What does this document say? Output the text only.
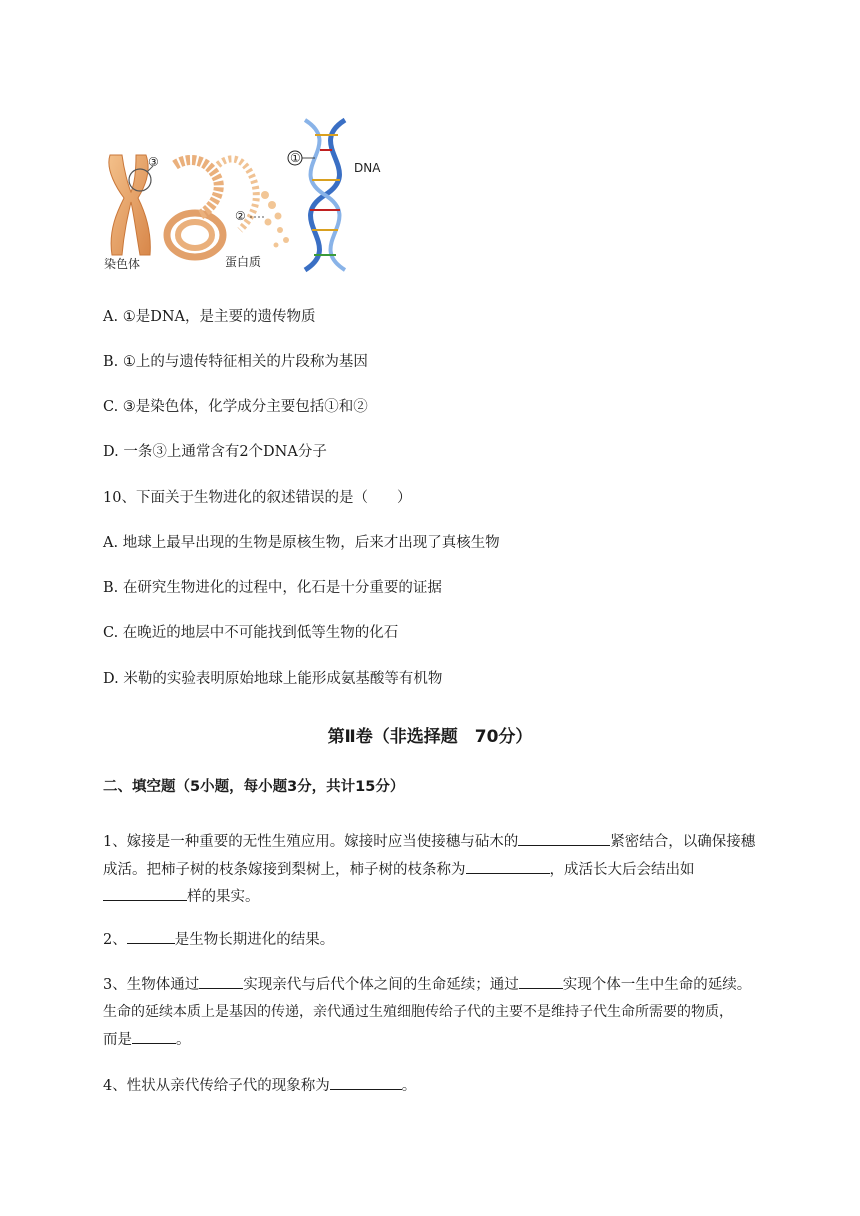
①
DNA
③
②
染色体	蛋白质
A. ①是DNA，是主要的遗传物质
B. ①上的与遗传特征相关的片段称为基因
C. ③是染色体，化学成分主要包括①和②
D. 一条③上通常含有2个DNA分子
10、下面关于生物进化的叙述错误的是（　　）
A. 地球上最早出现的生物是原核生物，后来才出现了真核生物
B. 在研究生物进化的过程中，化石是十分重要的证据
C. 在晚近的地层中不可能找到低等生物的化石
D. 米勒的实验表明原始地球上能形成氨基酸等有机物
第Ⅱ卷（非选择题　70分）
二、填空题（5小题，每小题3分，共计15分）
1、嫁接是一种重要的无性生殖应用。嫁接时应当使接穗与砧木的	紧密结合，以确保接穗
成活。把柿子树的枝条嫁接到梨树上，柿子树的枝条称为	，成活长大后会结出如
样的果实。
2、	是生物长期进化的结果。
3、生物体通过	实现亲代与后代个体之间的生命延续；通过	实现个体一生中生命的延续。
生命的延续本质上是基因的传递，亲代通过生殖细胞传给子代的主要不是维持子代生命所需要的物质，
而是	。
4、性状从亲代传给子代的现象称为	。
